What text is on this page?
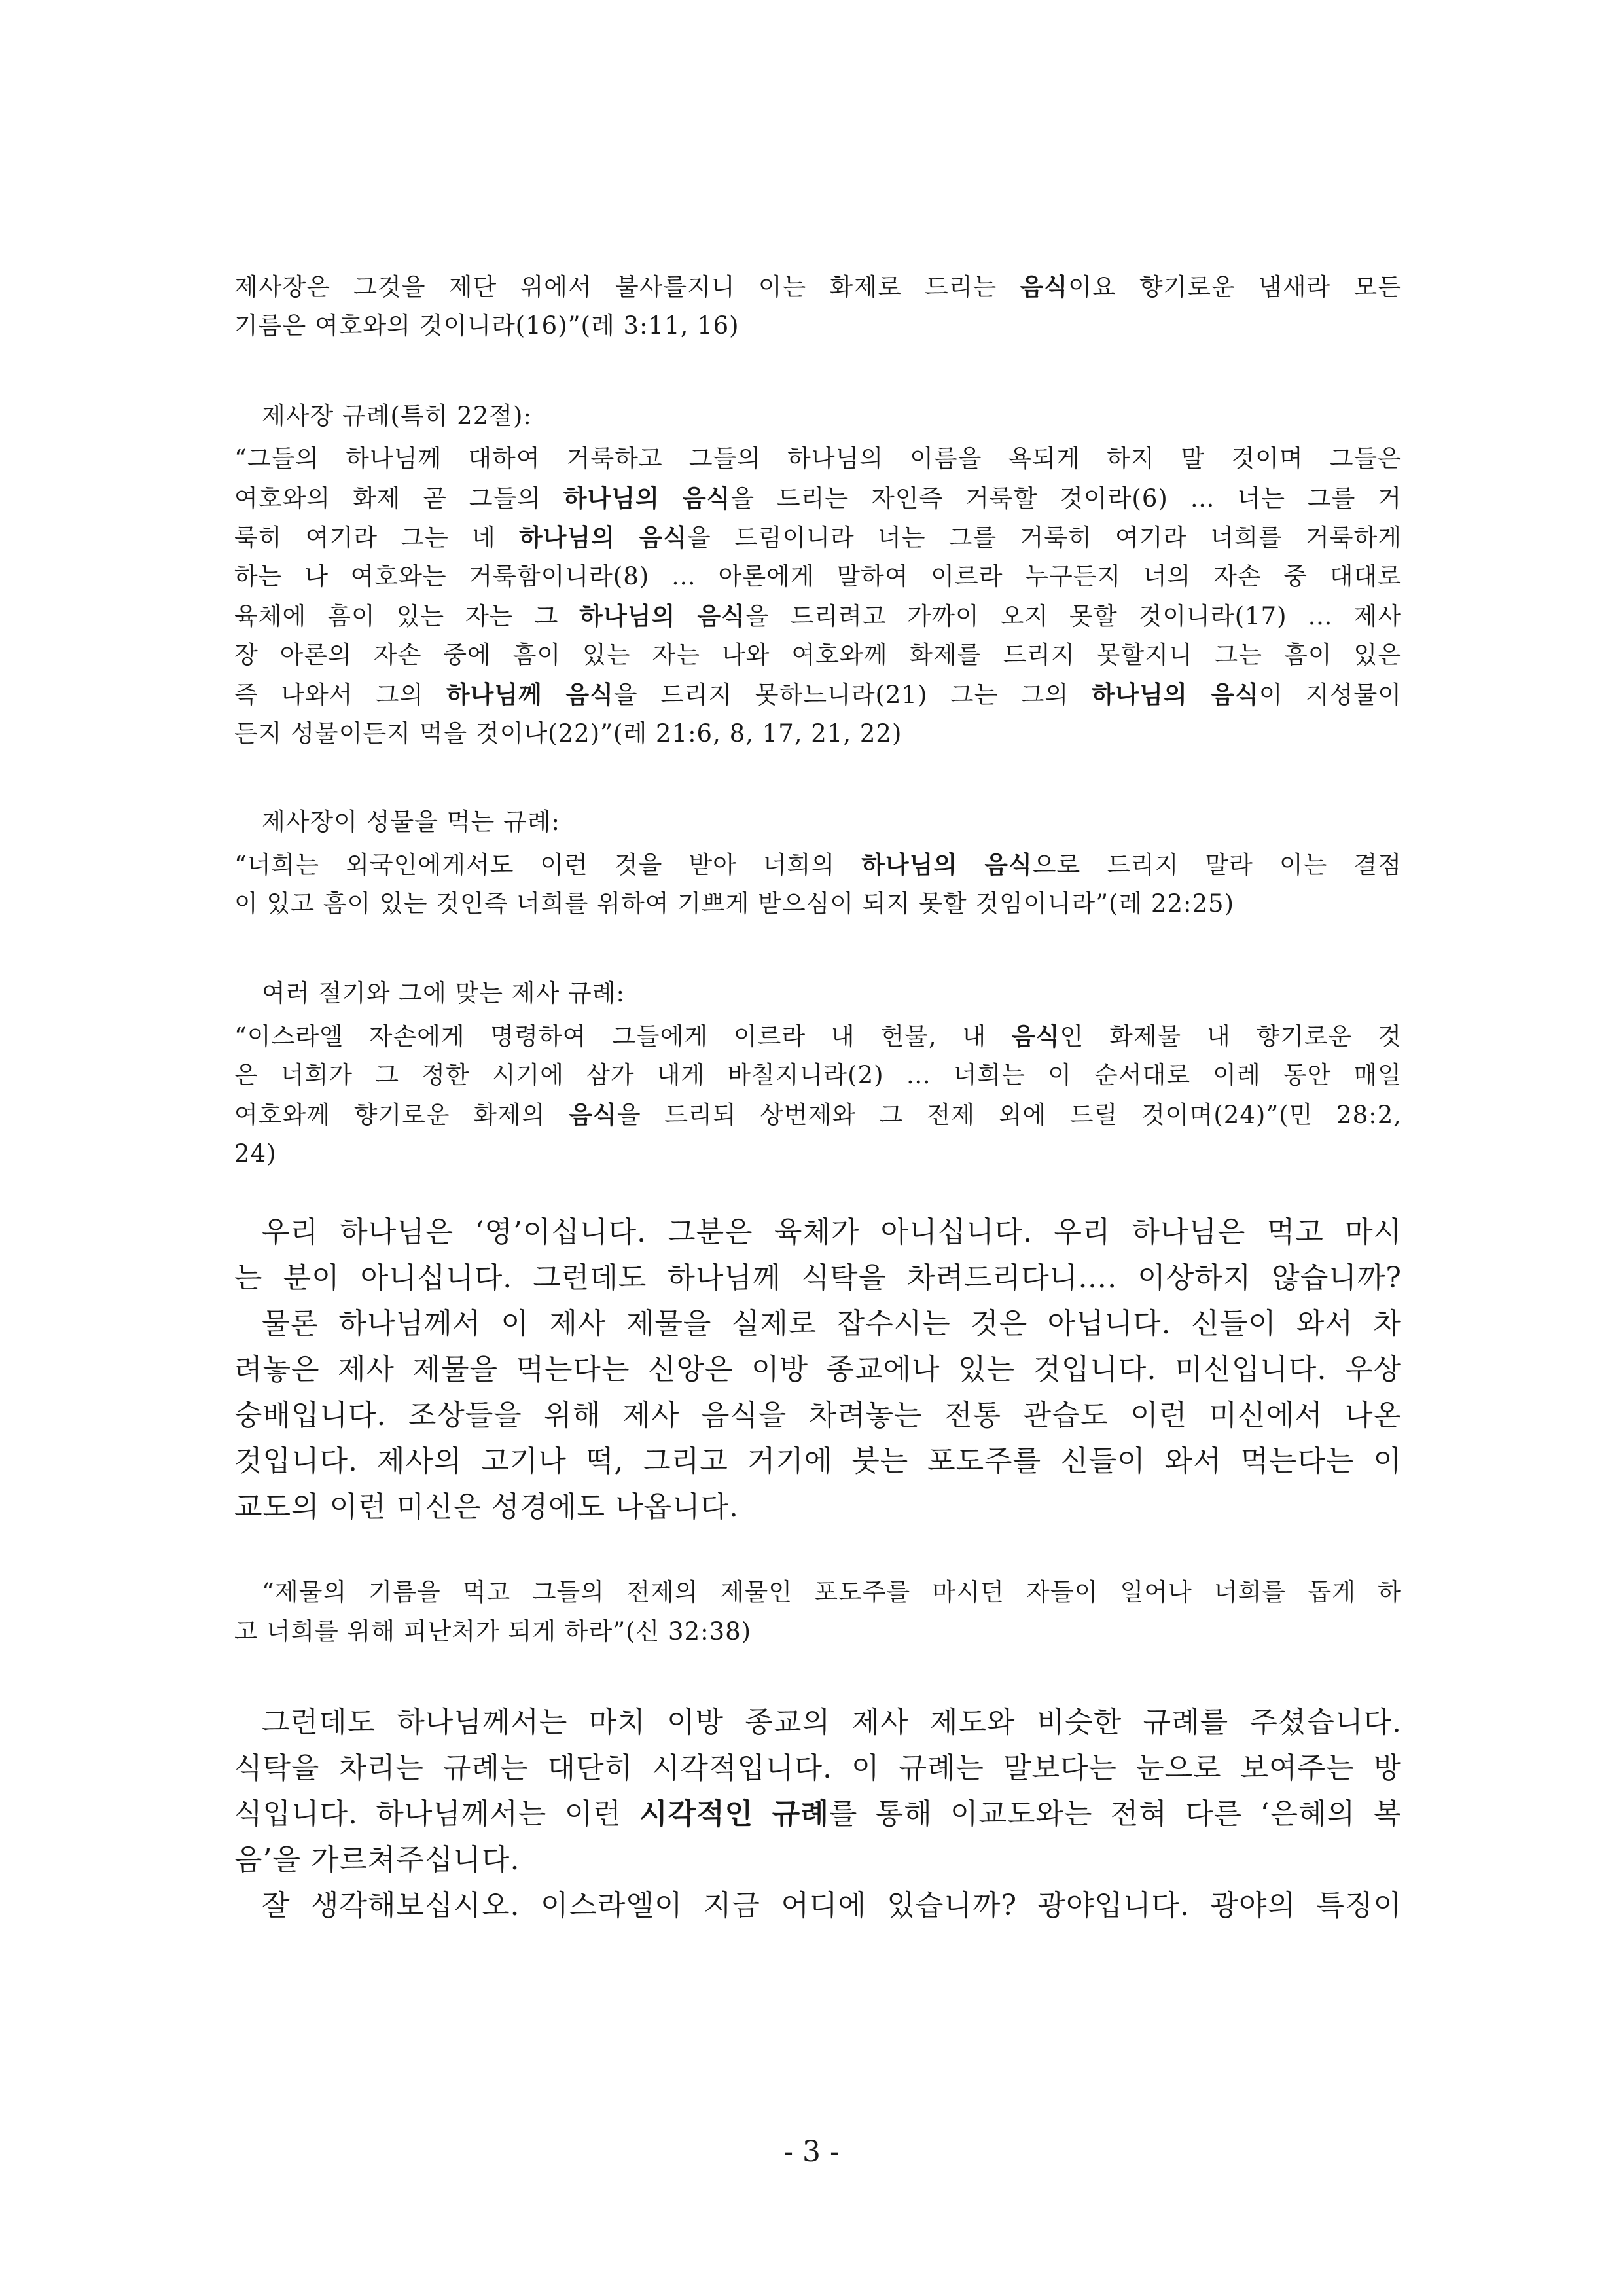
제사장은 그것을 제단 위에서 불사를지니 이는 화제로 드리는 음식이요 향기로운 냄새라 모든
기름은 여호와의 것이니라(16)”(레 3:11, 16)
제사장 규례(특히 22절):
“그들의 하나님께 대하여 거룩하고 그들의 하나님의 이름을 욕되게 하지 말 것이며 그들은
여호와의 화제 곧 그들의 하나님의 음식을 드리는 자인즉 거룩할 것이라(6) … 너는 그를 거
룩히 여기라 그는 네 하나님의 음식을 드림이니라 너는 그를 거룩히 여기라 너희를 거룩하게
하는 나 여호와는 거룩함이니라(8) … 아론에게 말하여 이르라 누구든지 너의 자손 중 대대로
육체에 흠이 있는 자는 그 하나님의 음식을 드리려고 가까이 오지 못할 것이니라(17) … 제사
장 아론의 자손 중에 흠이 있는 자는 나와 여호와께 화제를 드리지 못할지니 그는 흠이 있은
즉 나와서 그의 하나님께 음식을 드리지 못하느니라(21) 그는 그의 하나님의 음식이 지성물이
든지 성물이든지 먹을 것이나(22)”(레 21:6, 8, 17, 21, 22)
제사장이 성물을 먹는 규례:
“너희는 외국인에게서도 이런 것을 받아 너희의 하나님의 음식으로 드리지 말라 이는 결점
이 있고 흠이 있는 것인즉 너희를 위하여 기쁘게 받으심이 되지 못할 것임이니라”(레 22:25)
여러 절기와 그에 맞는 제사 규례:
“이스라엘 자손에게 명령하여 그들에게 이르라 내 헌물, 내 음식인 화제물 내 향기로운 것
은 너희가 그 정한 시기에 삼가 내게 바칠지니라(2) … 너희는 이 순서대로 이레 동안 매일
여호와께 향기로운 화제의 음식을 드리되 상번제와 그 전제 외에 드릴 것이며(24)”(민 28:2,
24)
우리 하나님은 ‘영’이십니다. 그분은 육체가 아니십니다. 우리 하나님은 먹고 마시
는 분이 아니십니다. 그런데도 하나님께 식탁을 차려드리다니…. 이상하지 않습니까?
물론 하나님께서 이 제사 제물을 실제로 잡수시는 것은 아닙니다. 신들이 와서 차
려놓은 제사 제물을 먹는다는 신앙은 이방 종교에나 있는 것입니다. 미신입니다. 우상
숭배입니다. 조상들을 위해 제사 음식을 차려놓는 전통 관습도 이런 미신에서 나온
것입니다. 제사의 고기나 떡, 그리고 거기에 붓는 포도주를 신들이 와서 먹는다는 이
교도의 이런 미신은 성경에도 나옵니다.
“제물의 기름을 먹고 그들의 전제의 제물인 포도주를 마시던 자들이 일어나 너희를 돕게 하
고 너희를 위해 피난처가 되게 하라”(신 32:38)
그런데도 하나님께서는 마치 이방 종교의 제사 제도와 비슷한 규례를 주셨습니다.
식탁을 차리는 규례는 대단히 시각적입니다. 이 규례는 말보다는 눈으로 보여주는 방
식입니다. 하나님께서는 이런 시각적인 규례를 통해 이교도와는 전혀 다른 ‘은혜의 복
음’을 가르쳐주십니다.
잘 생각해보십시오. 이스라엘이 지금 어디에 있습니까? 광야입니다. 광야의 특징이
- 3 -
